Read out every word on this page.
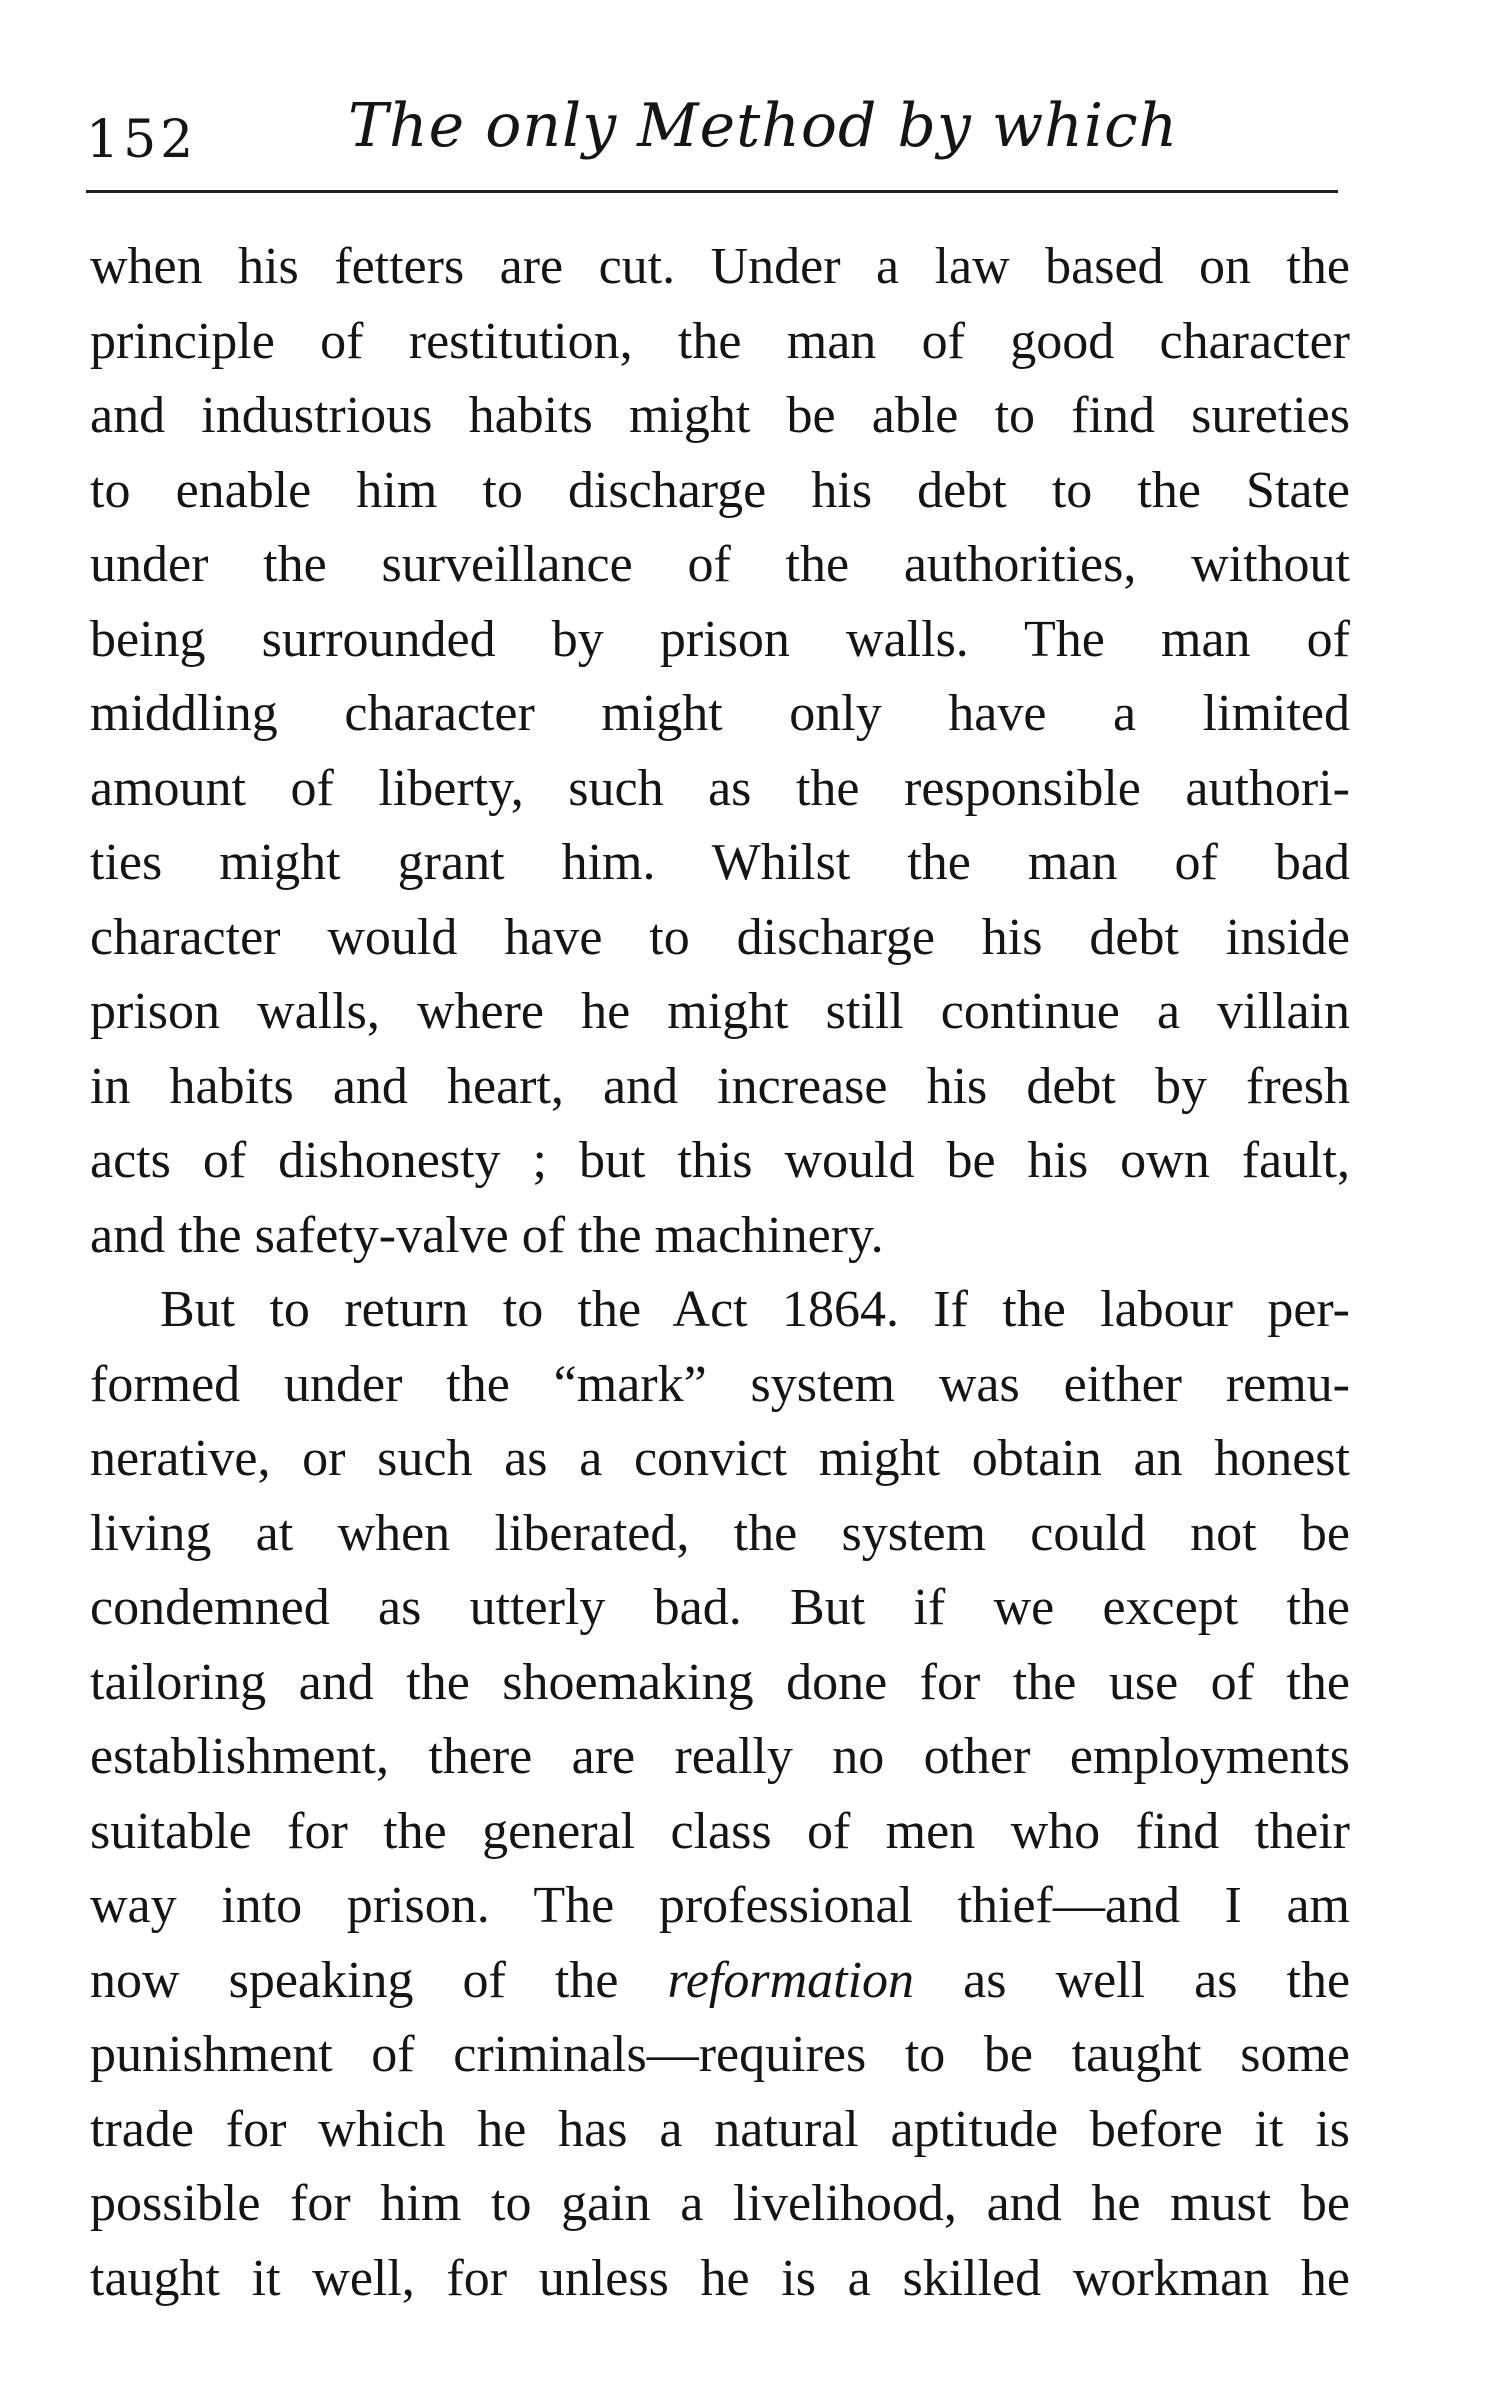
152	The only Method by which
when his fetters are cut. Under a law based on the
principle of restitution, the man of good character
and industrious habits might be able to find sureties
to enable him to discharge his debt to the State
under the surveillance of the authorities, without
being surrounded by prison walls. The man of
middling character might only have a limited
amount of liberty, such as the responsible authori-
ties might grant him. Whilst the man of bad
character would have to discharge his debt inside
prison walls, where he might still continue a villain
in habits and heart, and increase his debt by fresh
acts of dishonesty ; but this would be his own fault,
and the safety-valve of the machinery.
But to return to the Act 1864. If the labour per-
formed under the “mark” system was either remu-
nerative, or such as a convict might obtain an honest
living at when liberated, the system could not be
condemned as utterly bad. But if we except the
tailoring and the shoemaking done for the use of the
establishment, there are really no other employments
suitable for the general class of men who find their
way into prison. The professional thief—and I am
now speaking of the reformation as well as the
punishment of criminals—requires to be taught some
trade for which he has a natural aptitude before it is
possible for him to gain a livelihood, and he must be
taught it well, for unless he is a skilled workman he
